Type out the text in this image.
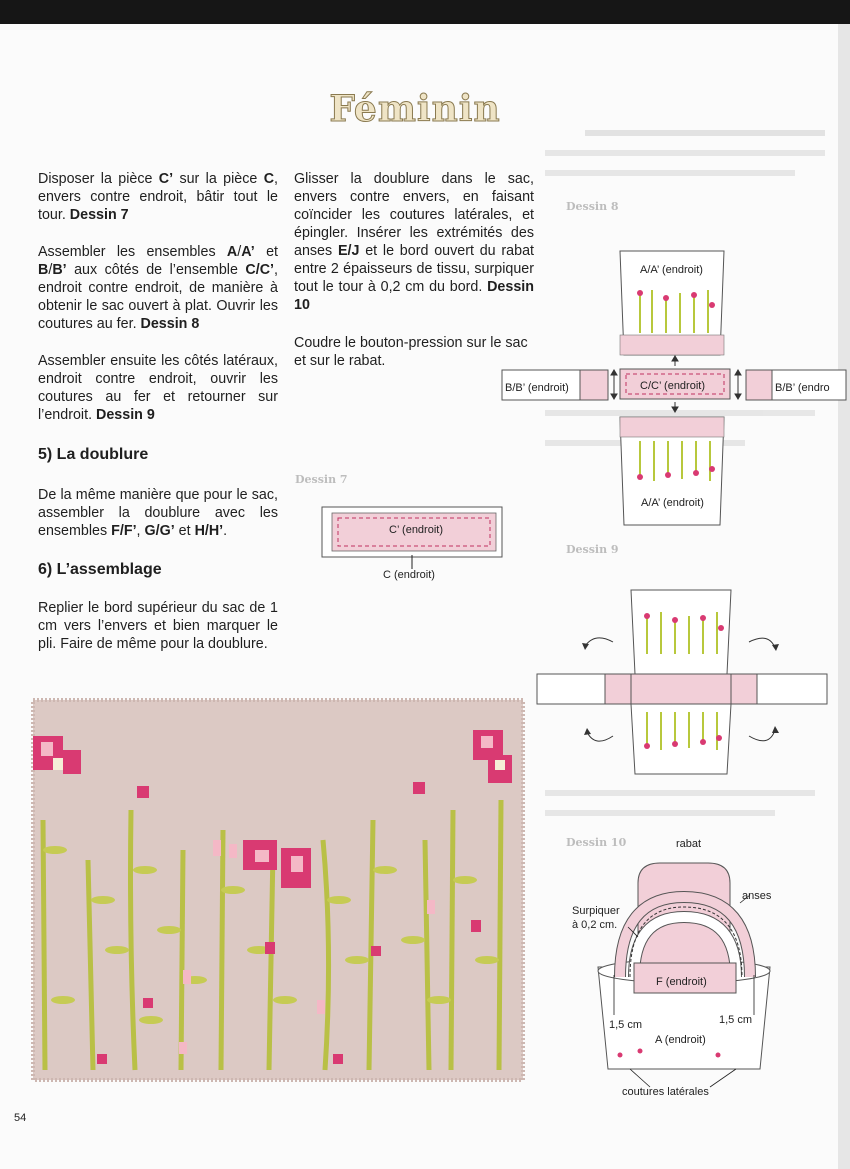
Féminin

Disposer la pièce C’ sur la pièce C, envers contre endroit, bâtir tout le tour. Dessin 7

Assembler les ensembles A/A’ et B/B’ aux côtés de l’ensemble C/C’, endroit contre endroit, de manière à obtenir le sac ouvert à plat. Ouvrir les coutures au fer. Dessin 8

Assembler ensuite les côtés latéraux, endroit contre endroit, ouvrir les coutures au fer et retourner sur l’endroit. Dessin 9

5) La doublure

De la même manière que pour le sac, assembler la doublure avec les ensembles F/F’, G/G’ et H/H’.

6) L’assemblage

Replier le bord supérieur du sac de 1 cm vers l’envers et bien marquer le pli. Faire de même pour la doublure.

Glisser la doublure dans le sac, envers contre envers, en faisant coïncider les coutures latérales, et épingler. Insérer les extrémités des anses E/J et le bord ouvert du rabat entre 2 épaisseurs de tissu, surpiquer tout le tour à 0,2 cm du bord. Dessin 10

Coudre le bouton-pression sur le sac et sur le rabat.

Dessin 7
C’ (endroit)
C (endroit)
Dessin 8
A/A’ (endroit)
C/C’ (endroit)
B/B’ (endroit)	B/B’ (endro
A/A’ (endroit)
Dessin 9
Dessin 10	rabat
anses
Surpiquer
à 0,2 cm.
F (endroit)
1,5 cm	1,5 cm
A (endroit)
coutures latérales
54
